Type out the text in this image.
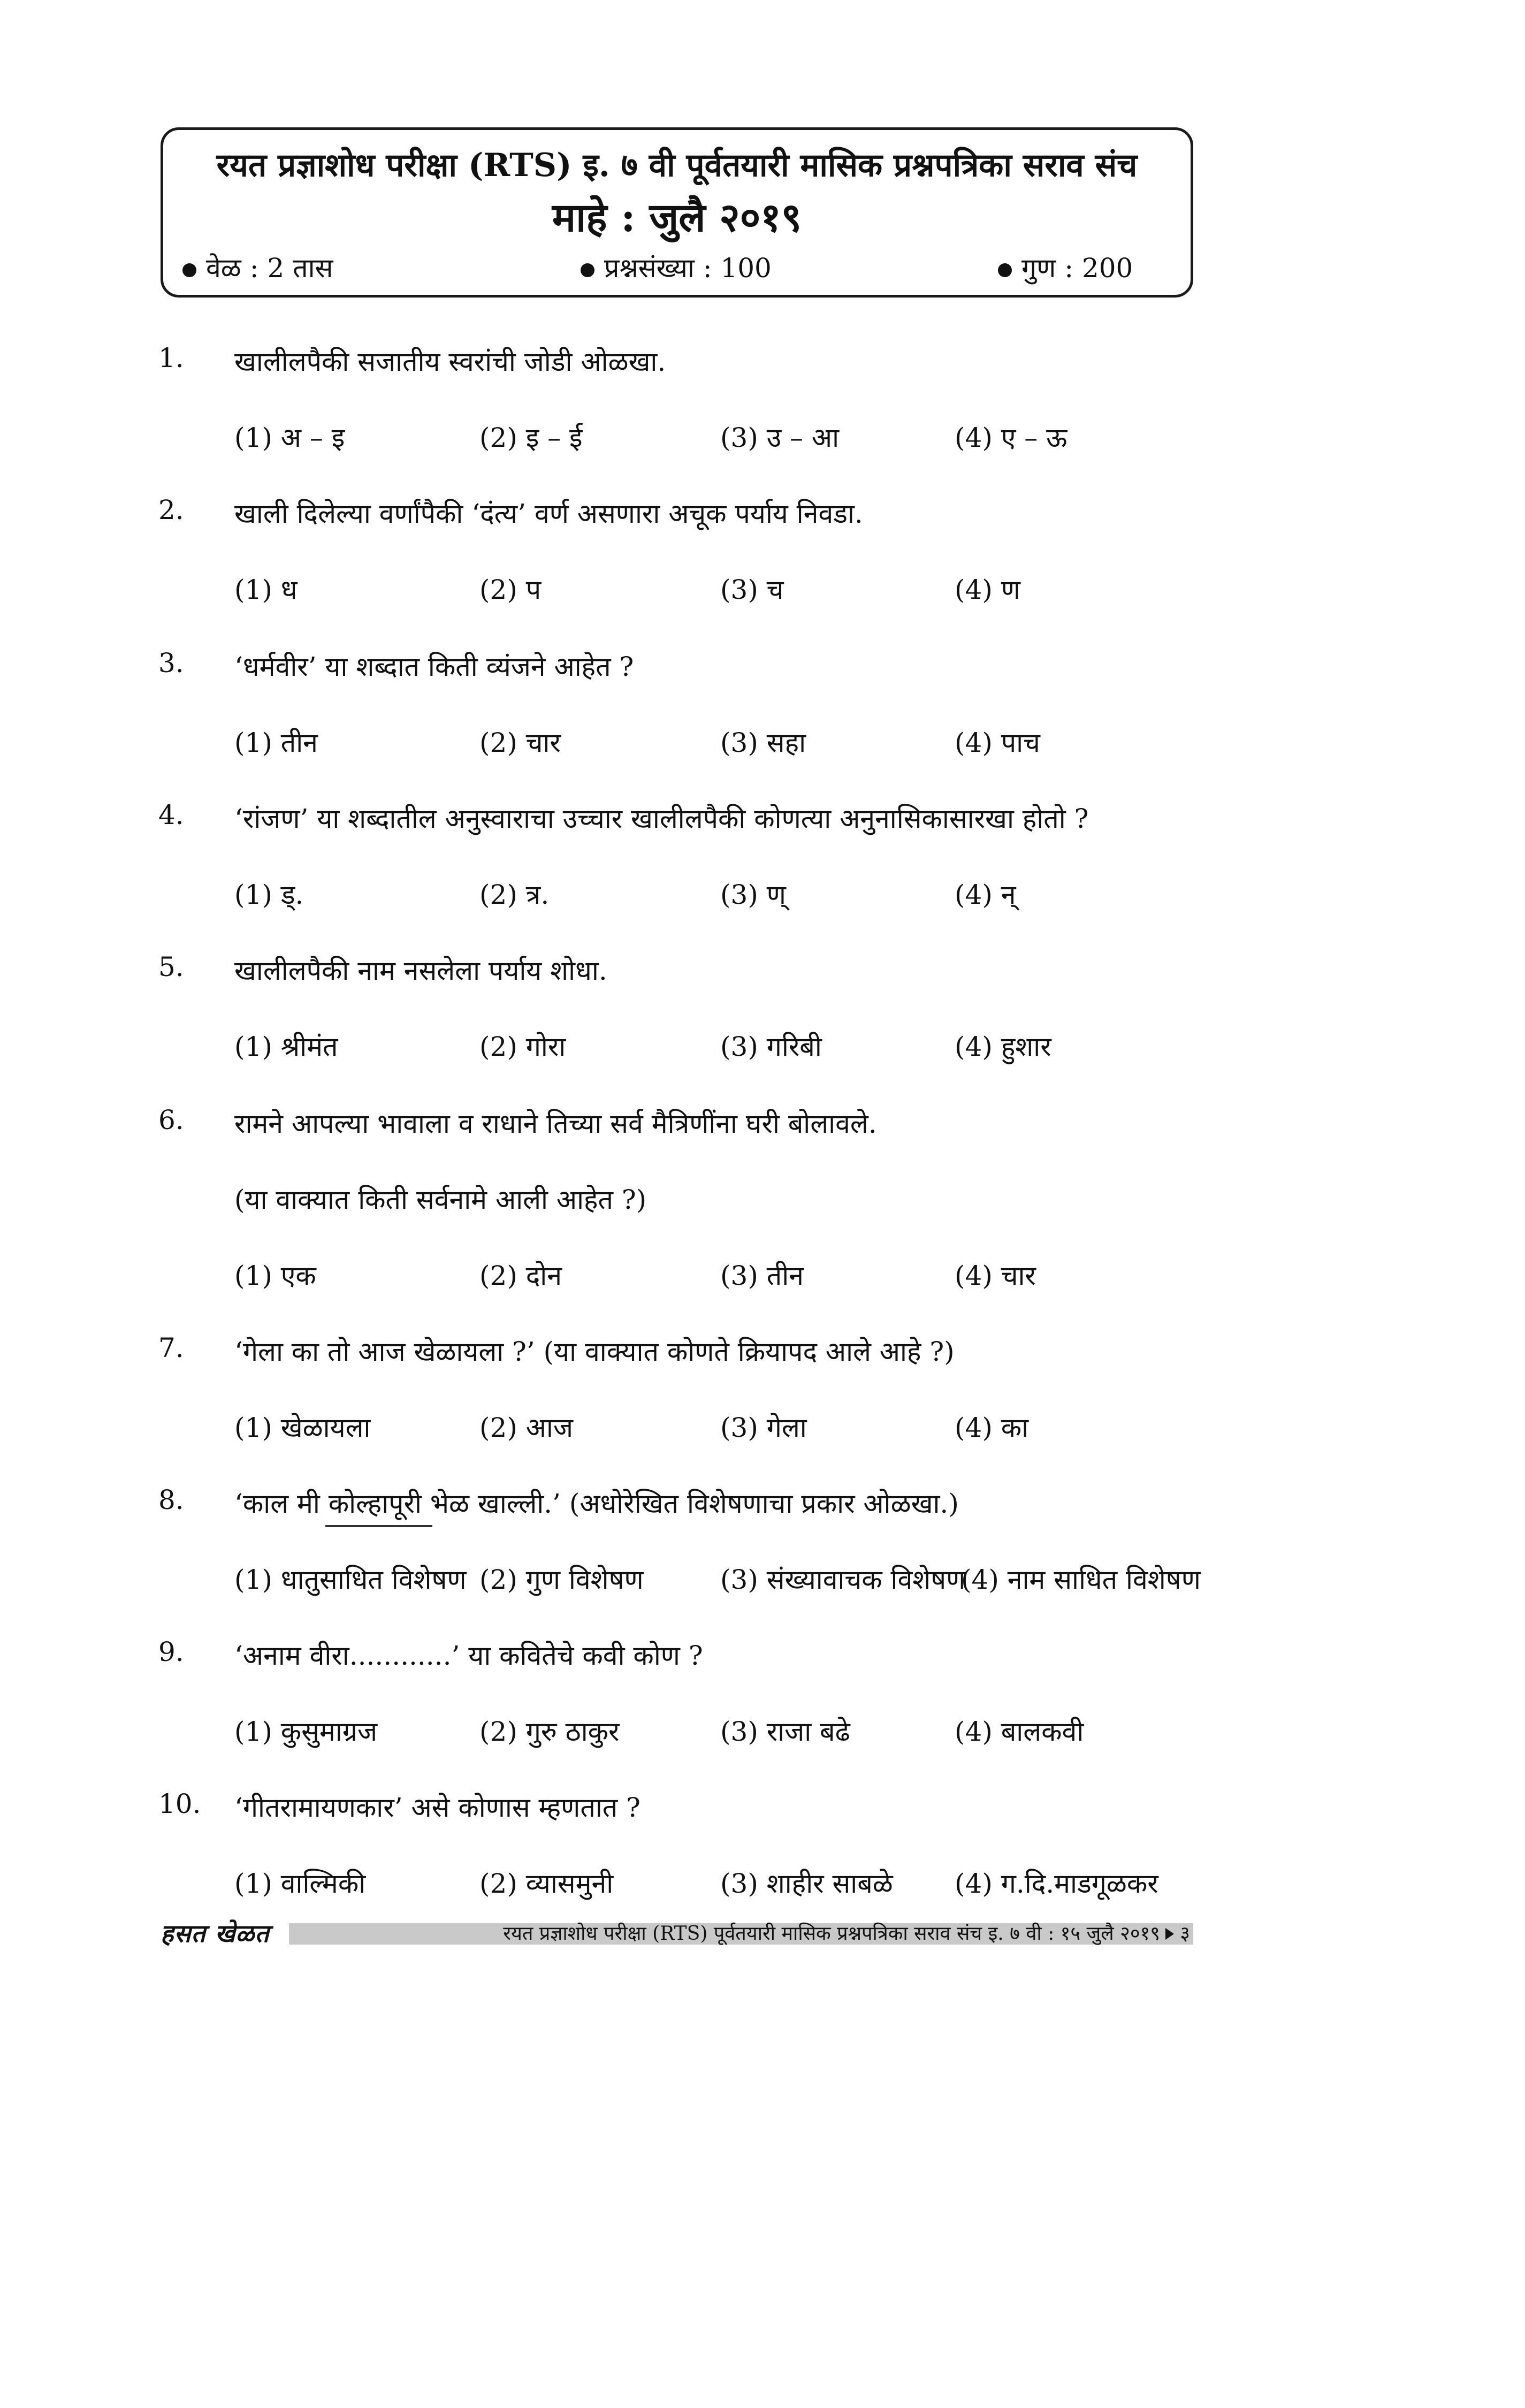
रयत प्रज्ञाशोध परीक्षा (RTS) इ. ७ वी पूर्वतयारी मासिक प्रश्नपत्रिका सराव संच
माहे : जुलै २०१९
वेळ : 2 तास	प्रश्नसंख्या : 100	गुण : 200
1. खालीलपैकी सजातीय स्वरांची जोडी ओळखा.
(1) अ – इ	(2) इ – ई	(3) उ – आ	(4) ए – ऊ
2. खाली दिलेल्या वर्णांपैकी ‘दंत्य’ वर्ण असणारा अचूक पर्याय निवडा.
(1) ध	(2) प	(3) च	(4) ण
3. ‘धर्मवीर’ या शब्दात किती व्यंजने आहेत ?
(1) तीन	(2) चार	(3) सहा	(4) पाच
4. ‘रांजण’ या शब्दातील अनुस्वाराचा उच्चार खालीलपैकी कोणत्या अनुनासिकासारखा होतो ?
(1) ड्.	(2) त्र.	(3) ण्	(4) न्
5. खालीलपैकी नाम नसलेला पर्याय शोधा.
(1) श्रीमंत	(2) गोरा	(3) गरिबी	(4) हुशार
6. रामने आपल्या भावाला व राधाने तिच्या सर्व मैत्रिणींना घरी बोलावले.
(या वाक्यात किती सर्वनामे आली आहेत ?)
(1) एक	(2) दोन	(3) तीन	(4) चार
7. ‘गेला का तो आज खेळायला ?’ (या वाक्यात कोणते क्रियापद आले आहे ?)
(1) खेळायला	(2) आज	(3) गेला	(4) का
8. ‘काल मी कोल्हापूरी भेळ खाल्ली.’ (अधोरेखित विशेषणाचा प्रकार ओळखा.)
(1) धातुसाधित विशेषण (2) गुण विशेषण	(3) संख्यावाचक विशेषण
(4) नाम साधित विशेषण
9. ‘अनाम वीरा............’ या कवितेचे कवी कोण ?
(1) कुसुमाग्रज	(2) गुरु ठाकुर	(3) राजा बढे	(4) बालकवी
10. ‘गीतरामायणकार’ असे कोणास म्हणतात ?
(1) वाल्मिकी	(2) व्यासमुनी	(3) शाहीर साबळे (4) ग.दि.माडगूळकर
हसत खेळत	रयत प्रज्ञाशोध परीक्षा (RTS) पूर्वतयारी मासिक प्रश्नपत्रिका सराव संच इ. ७ वी : १५ जुलै २०१९ ३
